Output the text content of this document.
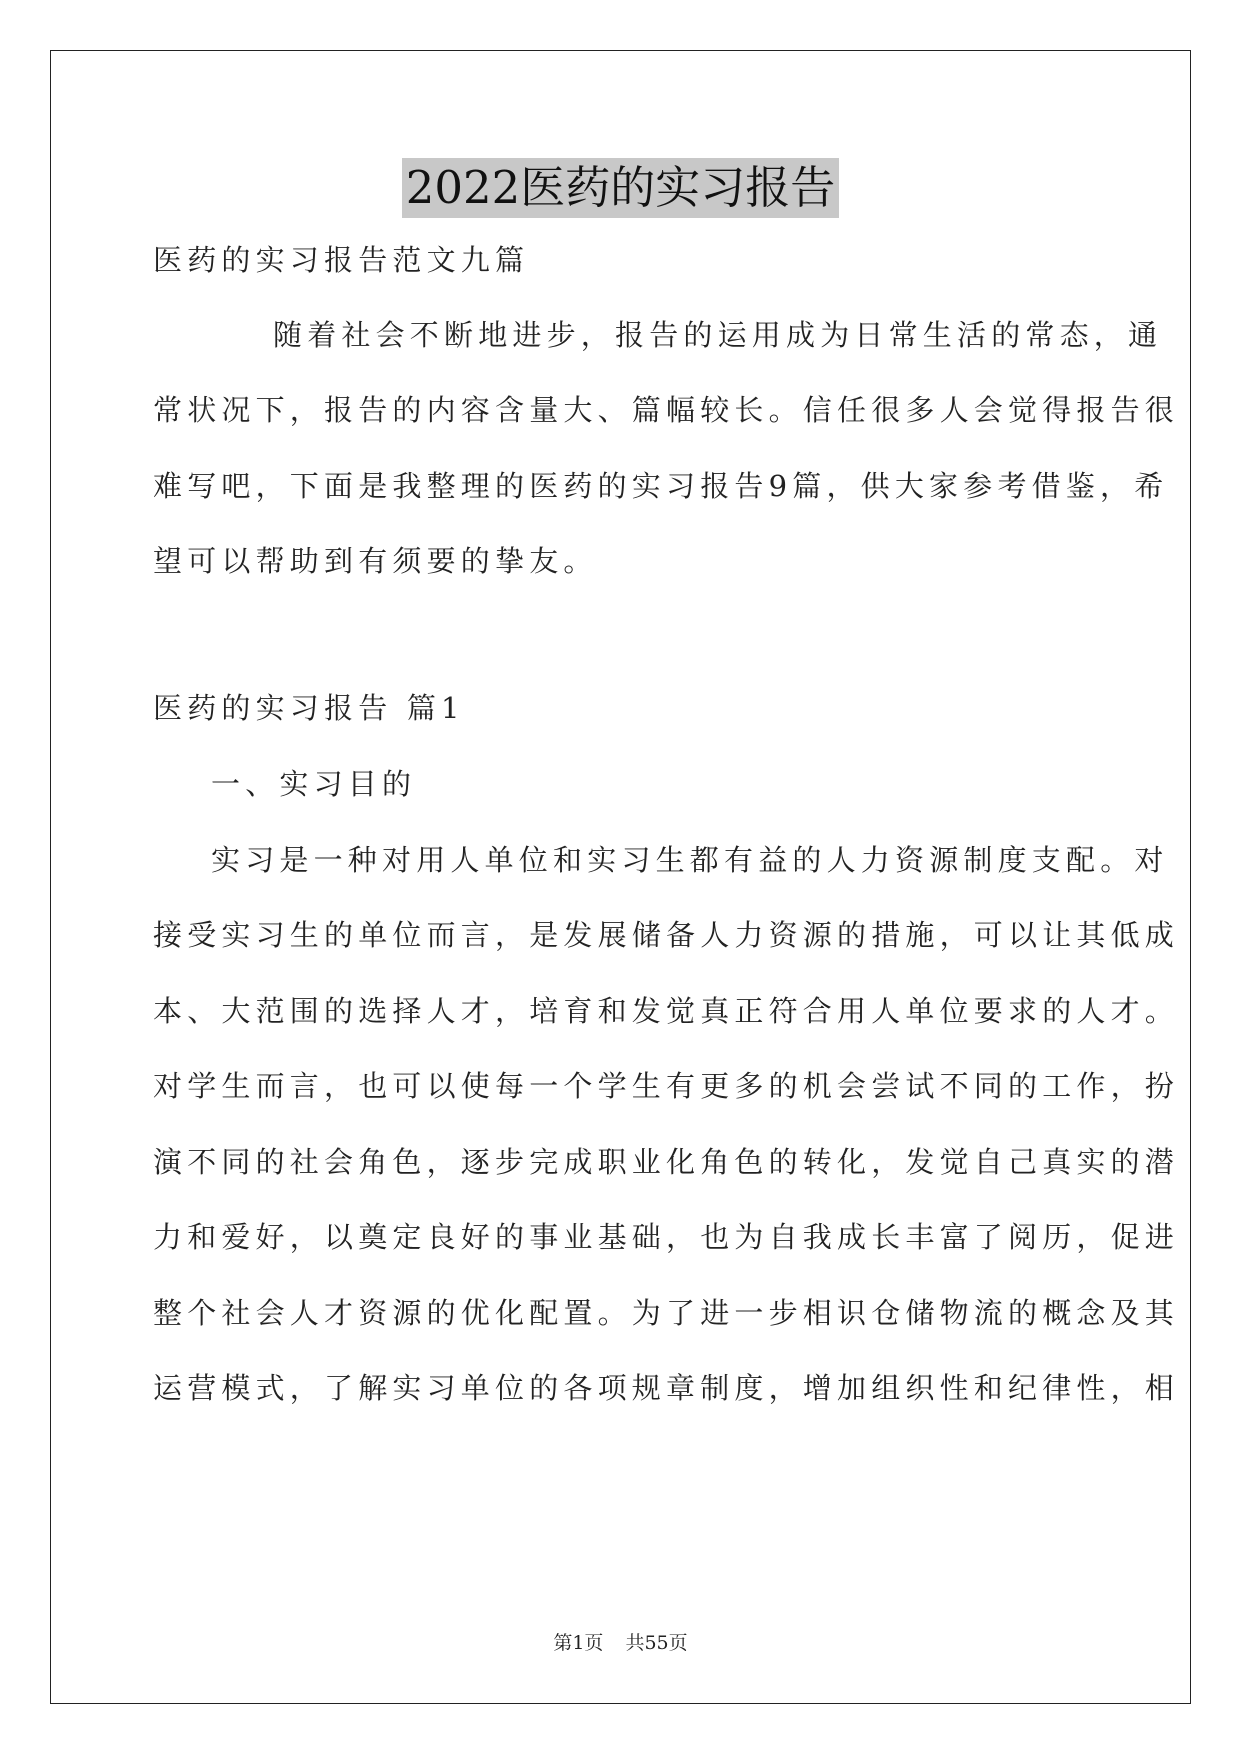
2022医药的实习报告
医药的实习报告范文九篇
随着社会不断地进步，报告的运用成为日常生活的常态，通
常状况下，报告的内容含量大、篇幅较长。信任很多人会觉得报告很
难写吧，下面是我整理的医药的实习报告9篇，供大家参考借鉴，希
望可以帮助到有须要的挚友。
医药的实习报告 篇1
一、实习目的
实习是一种对用人单位和实习生都有益的人力资源制度支配。对
接受实习生的单位而言，是发展储备人力资源的措施，可以让其低成
本、大范围的选择人才，培育和发觉真正符合用人单位要求的人才。
对学生而言，也可以使每一个学生有更多的机会尝试不同的工作，扮
演不同的社会角色，逐步完成职业化角色的转化，发觉自己真实的潜
力和爱好，以奠定良好的事业基础，也为自我成长丰富了阅历，促进
整个社会人才资源的优化配置。为了进一步相识仓储物流的概念及其
运营模式，了解实习单位的各项规章制度，增加组织性和纪律性，相
第1页 共55页
